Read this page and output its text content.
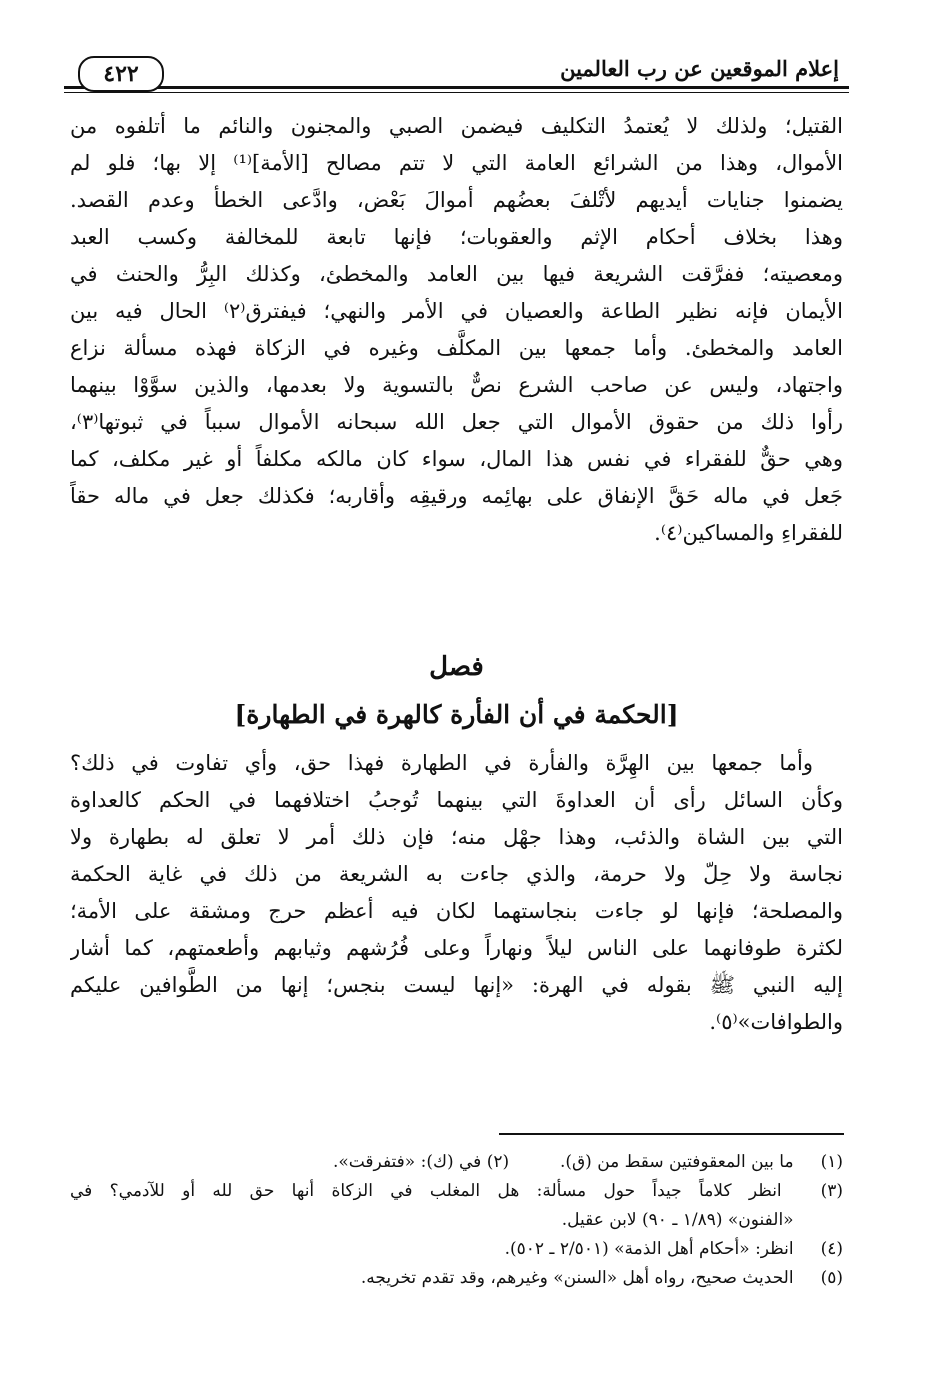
إعلام الموقعين عن رب العالمين
٤٢٢
القتيل؛ ولذلك لا يُعتمدُ التكليف فيضمن الصبي والمجنون والنائم ما أتلفوه من
الأموال، وهذا من الشرائع العامة التي لا تتم مصالح [الأمة]⁽¹⁾ إلا بها؛ فلو لم
يضمنوا جنايات أيديهم لأتْلفَ بعضُهم أموالَ بَعْض، وادَّعى الخطأ وعدم القصد.
وهذا بخلاف أحكام الإثم والعقوبات؛ فإنها تابعة للمخالفة وكسب العبد
ومعصيته؛ ففرَّقت الشريعة فيها بين العامد والمخطئ، وكذلك البِرُّ والحنث في
الأيمان فإنه نظير الطاعة والعصيان في الأمر والنهي؛ فيفترق⁽٢⁾ الحال فيه بين
العامد والمخطئ. وأما جمعها بين المكلَّف وغيره في الزكاة فهذه مسألة نزاع
واجتهاد، وليس عن صاحب الشرع نصٌّ بالتسوية ولا بعدمها، والذين سوَّوْا بينهما
رأوا ذلك من حقوق الأموال التي جعل الله سبحانه الأموال سبباً في ثبوتها⁽٣⁾،
وهي حقٌّ للفقراء في نفس هذا المال، سواء كان مالكه مكلفاً أو غير مكلف، كما
جَعل في ماله حَقَّ الإنفاق على بهائِمه ورقيقِه وأقاربه؛ فكذلك جعل في ماله حقاً
للفقراءِ والمساكين⁽٤⁾.
فصل
[الحكمة في أن الفأرة كالهرة في الطهارة]
وأما جمعها بين الهِرَّة والفأرة في الطهارة فهذا حق، وأي تفاوت في ذلك؟
وكأن السائل رأى أن العداوةَ التي بينهما تُوجبُ اختلافهما في الحكم كالعداوة
التي بين الشاة والذئب، وهذا جهْل منه؛ فإن ذلك أمر لا تعلق له بطهارة ولا
نجاسة ولا حِلّ ولا حرمة، والذي جاءت به الشريعة من ذلك في غاية الحكمة
والمصلحة؛ فإنها لو جاءت بنجاستهما لكان فيه أعظم حرج ومشقة على الأمة؛
لكثرة طوفانهما على الناس ليلاً ونهاراً وعلى فُرُشهم وثيابهم وأطعمتهم، كما أشار
إليه النبي ﷺ بقوله في الهرة: «إنها ليست بنجس؛ إنها من الطَّوافين عليكم
والطوافات»⁽٥⁾.
(١) ما بين المعقوفتين سقط من (ق).  (٢) في (ك): «فتفرقت».
(٣) انظر كلاماً جيداً حول مسألة: هل المغلب في الزكاة أنها حق لله أو للآدمي؟ في
«الفنون» (١/٨٩ ـ ٩٠) لابن عقيل.
(٤) انظر: «أحكام أهل الذمة» (٢/٥٠١ ـ ٥٠٢).
(٥) الحديث صحيح، رواه أهل «السنن» وغيرهم، وقد تقدم تخريجه.
